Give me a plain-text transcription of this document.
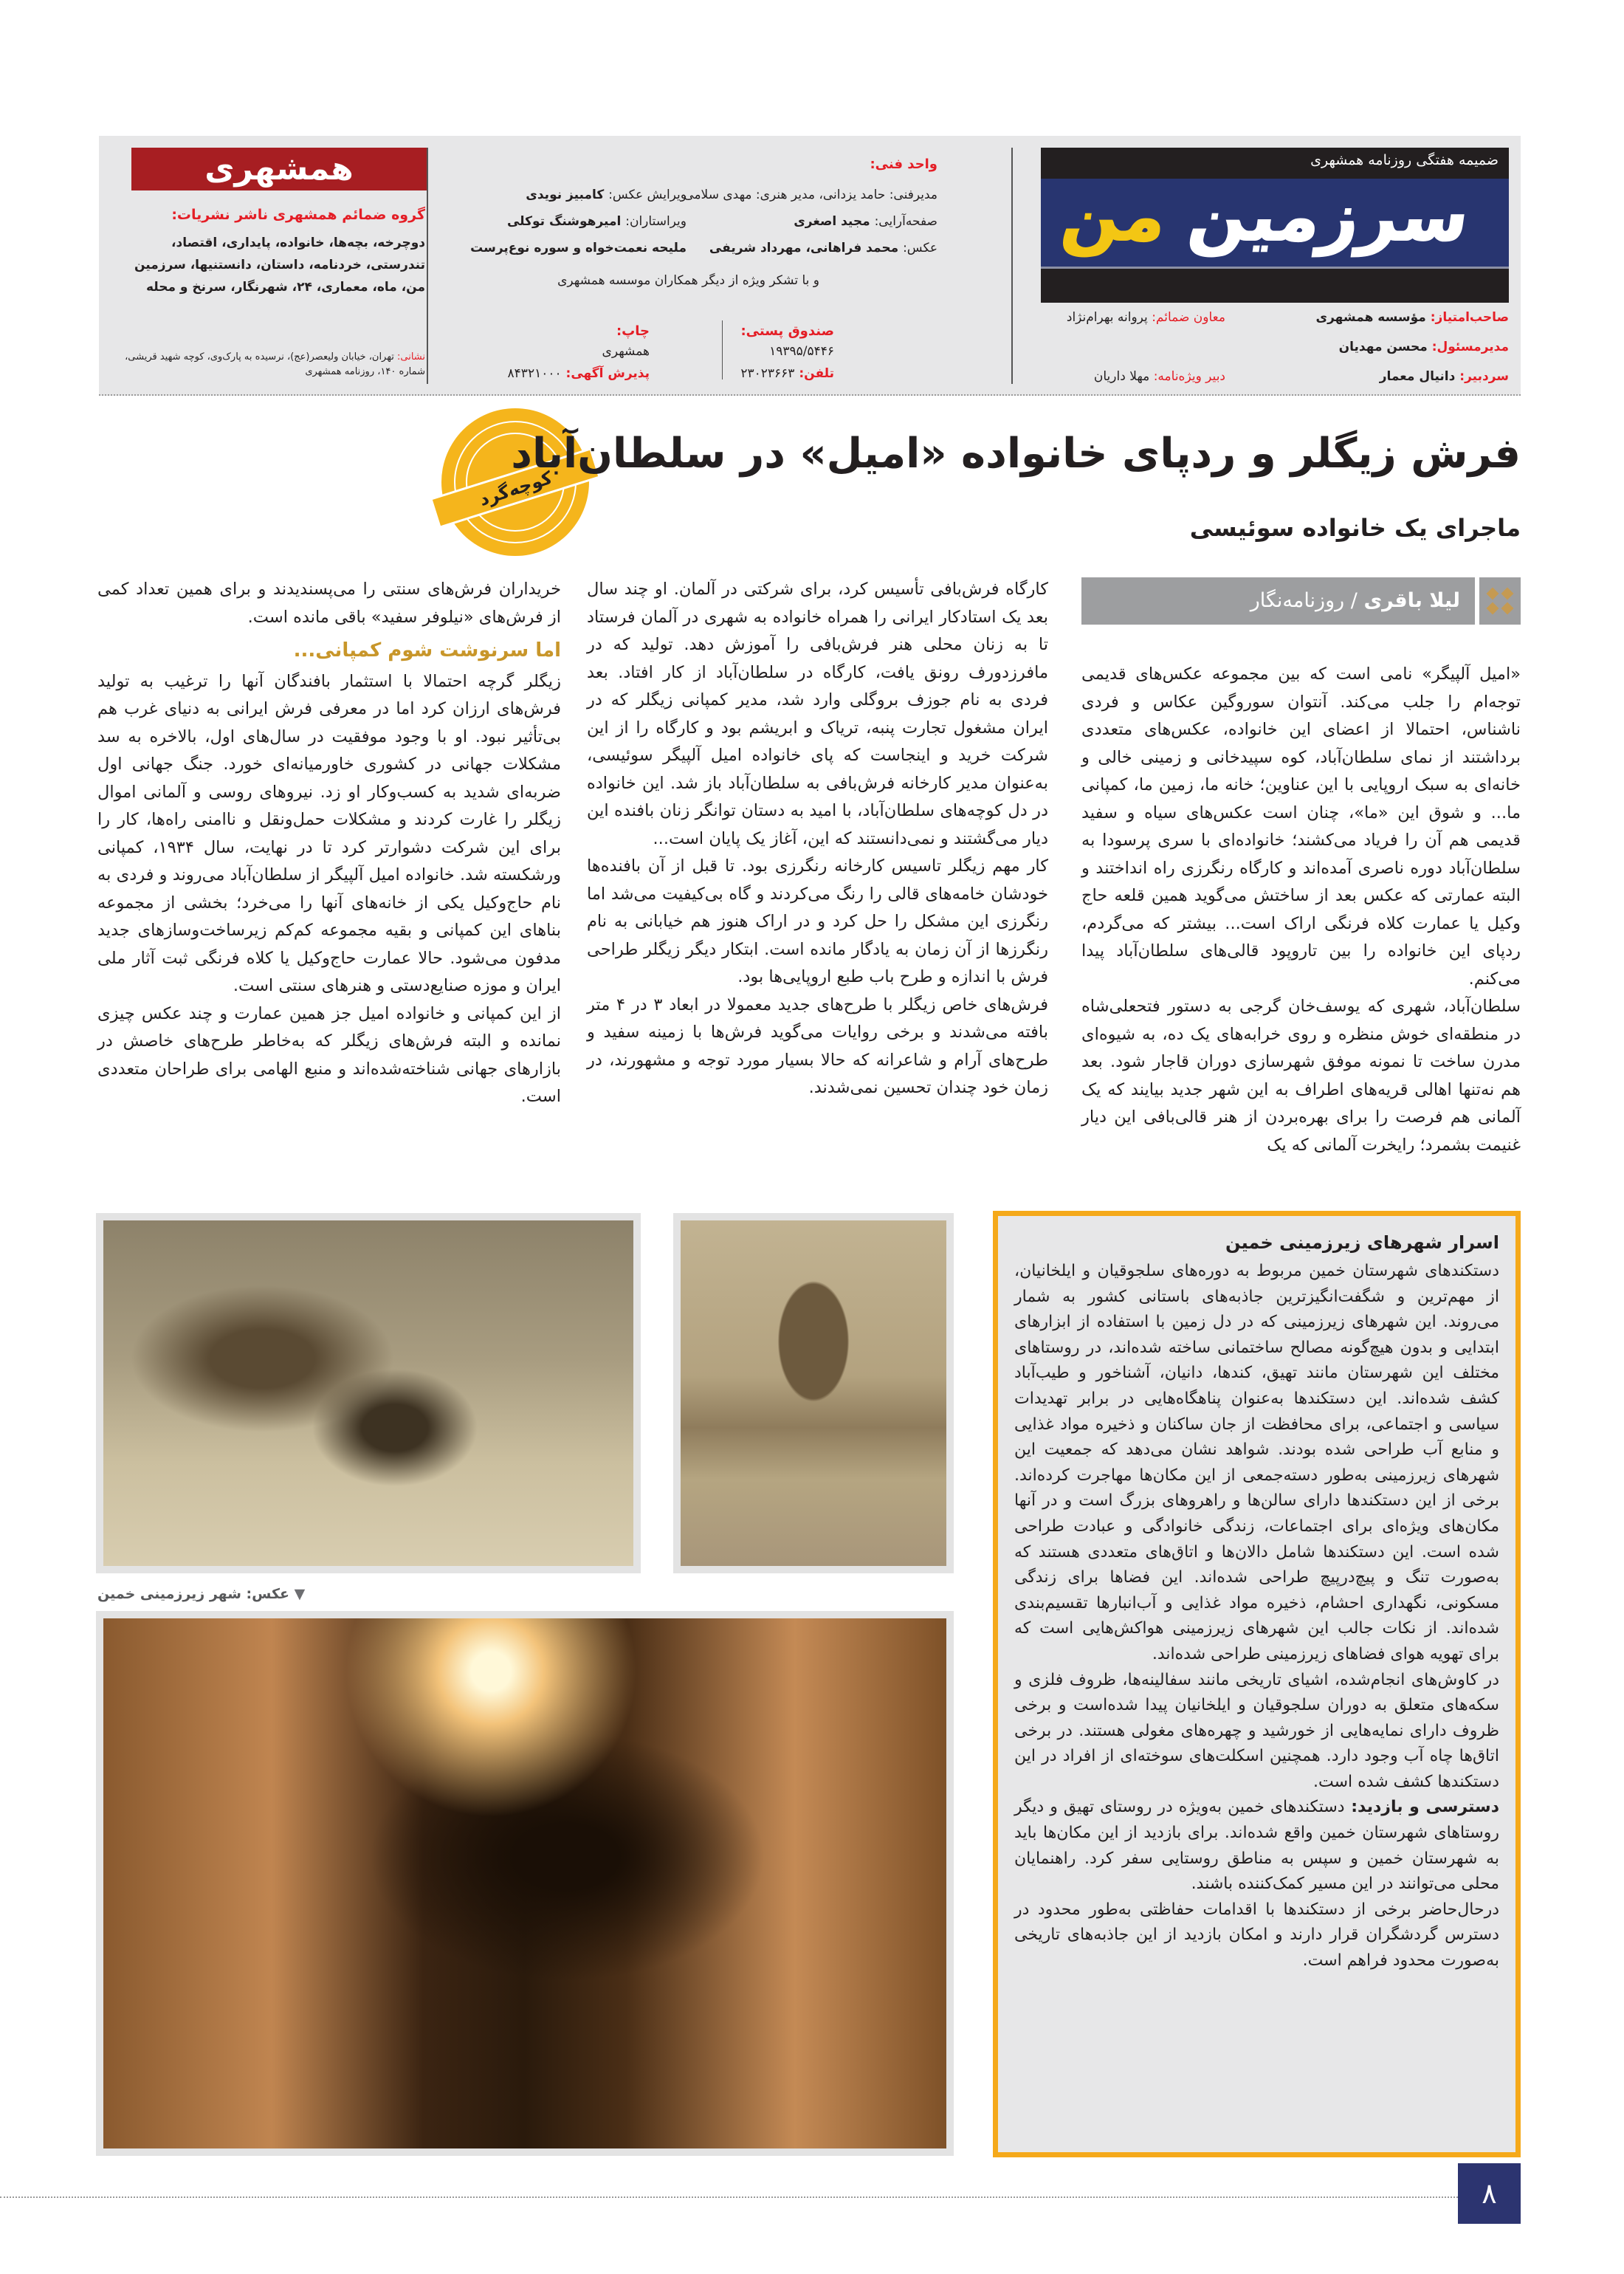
ضمیمه هفتگی روزنامه همشهری
سرزمین من
صاحب‌امتیاز: مؤسسه همشهری
معاون ضمائم: پروانه بهرام‌نژاد
مدیرمسئول: محسن مهدیان
سردبیر: دانیال معمار
دبیر ویژه‌نامه: مهلا داریان
واحد فنی:
مدیرفنی: حامد یزدانی، مدیر هنری: مهدی سلامی
صفحه‌آرایی: مجید اصغری
عکس: محمد فراهانی، مهرداد شریفی
ویرایش عکس: کامبیز نویدی
ویراستاران: امیرهوشنگ توکلی
ملیحه نعمت‌خواه و سوره نوع‌پرست
و با تشکر ویژه از دیگر همکاران موسسه همشهری
صندوق پستی:
۱۹۳۹۵/۵۴۴۶
تلفن: ۲۳۰۲۳۶۶۳
چاپ:
همشهری
پذیرش آگهی: ۸۴۳۲۱۰۰۰
همشهری
گروه ضمائم همشهری ناشر نشریات:
دوچرخه، بچه‌ها، خانواده، پایداری، اقتصاد، تندرستی، خردنامه، داستان، دانستنیها، سرزمین من، ماه، معماری، ۲۴، شهرنگار، سرنخ و محله
نشانی: تهران، خیابان ولیعصر(عج)، نرسیده به پارک‌وی، کوچه شهید قریشی، شماره ۱۴۰، روزنامه همشهری
کوچه‌گرد
فرش زیگلر و ردپای خانواده «امیل» در سلطان‌آباد
ماجرای یک خانواده سوئیسی
لیلا باقری / روزنامه‌نگار

«امیل آلپیگر» نامی است که بین مجموعه عکس‌های قدیمی توجه‌ام را جلب می‌کند. آنتوان سوروگین عکاس و فردی ناشناس، احتمالا از اعضای این خانواده، عکس‌های متعددی برداشتند از نمای سلطان‌آباد، کوه سپیدخانی و زمینی خالی و خانه‌ای به سبک اروپایی با این عناوین؛ خانه ما، زمین ما، کمپانی ما... و شوق این «ما»، چنان است عکس‌های سیاه و سفید قدیمی هم آن را فریاد می‌کشند؛ خانواده‌ای با سری پرسودا به سلطان‌آباد دوره ناصری آمده‌اند و کارگاه رنگرزی راه انداختند و البته عمارتی که عکس بعد از ساختش می‌گوید همین قلعه حاج وکیل یا عمارت کلاه فرنگی اراک است... بیشتر که می‌گردم، ردپای این خانواده را بین تاروپود قالی‌های سلطان‌آباد پیدا می‌کنم.

سلطان‌آباد، شهری که یوسف‌خان گرجی به دستور فتحعلی‌شاه در منطقه‌ای خوش منظره و روی خرابه‌های یک ده، به شیوه‌ای مدرن ساخت تا نمونه موفق شهرسازی دوران قاجار شود. بعد هم نه‌تنها اهالی قریه‌های اطراف به این شهر جدید بیایند که یک آلمانی هم فرصت را برای بهره‌بردن از هنر قالی‌بافی این دیار غنیمت بشمرد؛ رایخرت آلمانی که یک

کارگاه فرش‌بافی تأسیس کرد، برای شرکتی در آلمان. او چند سال بعد یک استادکار ایرانی را همراه خانواده به شهری در آلمان فرستاد تا به زنان محلی هنر فرش‌بافی را آموزش دهد. تولید که در مافرزدورف رونق یافت، کارگاه در سلطان‌آباد از کار افتاد. بعد فردی به نام جوزف بروگلی وارد شد، مدیر کمپانی زیگلر که در ایران مشغول تجارت پنبه، تریاک و ابریشم بود و کارگاه را از این شرکت خرید و اینجاست که پای خانواده امیل آلپیگر سوئیسی، به‌عنوان مدیر کارخانه فرش‌بافی به سلطان‌آباد باز شد. این خانواده در دل کوچه‌های سلطان‌آباد، با امید به دستان توانگر زنان بافنده این دیار می‌گشتند و نمی‌دانستند که این، آغاز یک پایان است...

کار مهم زیگلر تاسیس کارخانه رنگرزی بود. تا قبل از آن بافنده‌ها خودشان خامه‌های قالی را رنگ می‌کردند و گاه بی‌کیفیت می‌شد اما رنگرزی این مشکل را حل کرد و در اراک هنوز هم خیابانی به نام رنگرزها از آن زمان به یادگار مانده است. ابتکار دیگر زیگلر طراحی فرش با اندازه و طرح باب طبع اروپایی‌ها بود.

فرش‌های خاص زیگلر با طرح‌های جدید معمولا در ابعاد ۳ در ۴ متر بافته می‌شدند و برخی روایات می‌گوید فرش‌ها با زمینه سفید و طرح‌های آرام و شاعرانه که حالا بسیار مورد توجه و مشهورند، در زمان خود چندان تحسین نمی‌شدند.

خریداران فرش‌های سنتی را می‌پسندیدند و برای همین تعداد کمی از فرش‌های «نیلوفر سفید» باقی مانده است.

اما سرنوشت شوم کمپانی...

زیگلر گرچه احتمالا با استثمار بافندگان آنها را ترغیب به تولید فرش‌های ارزان کرد اما در معرفی فرش ایرانی به دنیای غرب هم بی‌تأثیر نبود. او با وجود موفقیت در سال‌های اول، بالاخره به سد مشکلات جهانی در کشوری خاورمیانه‌ای خورد. جنگ جهانی اول ضربه‌ای شدید به کسب‌وکار او زد. نیروهای روسی و آلمانی اموال زیگلر را غارت کردند و مشکلات حمل‌ونقل و ناامنی راه‌ها، کار را برای این شرکت دشوارتر کرد تا در نهایت، سال ۱۹۳۴، کمپانی ورشکسته شد. خانواده امیل آلپیگر از سلطان‌آباد می‌روند و فردی به نام حاج‌وکیل یکی از خانه‌های آنها را می‌خرد؛ بخشی از مجموعه بناهای این کمپانی و بقیه مجموعه کم‌کم زیرساخت‌وسازهای جدید مدفون می‌شود. حالا عمارت حاج‌وکیل یا کلاه فرنگی ثبت آثار ملی ایران و موزه صنایع‌دستی و هنرهای سنتی است.

از این کمپانی و خانواده امیل جز همین عمارت و چند عکس چیزی نمانده و البته فرش‌های زیگلر که به‌خاطر طرح‌های خاصش در بازارهای جهانی شناخته‌شده‌اند و منبع الهامی برای طراحان متعددی است.

اسرار شهرهای زیرزمینی خمین

دستکندهای شهرستان خمین مربوط به دوره‌های سلجوقیان و ایلخانیان، از مهم‌ترین و شگفت‌انگیزترین جاذبه‌های باستانی کشور به شمار می‌روند. این شهرهای زیرزمینی که در دل زمین با استفاده از ابزارهای ابتدایی و بدون هیچ‌گونه مصالح ساختمانی ساخته شده‌اند، در روستاهای مختلف این شهرستان مانند تهیق، کندها، دانیان، آشناخور و طیب‌آباد کشف شده‌اند. این دستکندها به‌عنوان پناهگاه‌هایی در برابر تهدیدات سیاسی و اجتماعی، برای محافظت از جان ساکنان و ذخیره مواد غذایی و منابع آب طراحی شده بودند. شواهد نشان می‌دهد که جمعیت این شهرهای زیرزمینی به‌طور دسته‌جمعی از این مکان‌ها مهاجرت کرده‌اند. برخی از این دستکندها دارای سالن‌ها و راهروهای بزرگ است و در آنها مکان‌های ویژه‌ای برای اجتماعات، زندگی خانوادگی و عبادت طراحی شده است. این دستکندها شامل دالان‌ها و اتاق‌های متعددی هستند که به‌صورت تنگ و پیچ‌درپیچ طراحی شده‌اند. این فضاها برای زندگی مسکونی، نگهداری احشام، ذخیره مواد غذایی و آب‌انبارها تقسیم‌بندی شده‌اند. از نکات جالب این شهرهای زیرزمینی هواکش‌هایی است که برای تهویه هوای فضاهای زیرزمینی طراحی شده‌اند.

در کاوش‌های انجام‌شده، اشیای تاریخی مانند سفالینه‌ها، ظروف فلزی و سکه‌های متعلق به دوران سلجوقیان و ایلخانیان پیدا شده‌است و برخی ظروف دارای نمایه‌هایی از خورشید و چهره‌های مغولی هستند. در برخی اتاق‌ها چاه آب وجود دارد. همچنین اسکلت‌های سوخته‌ای از افراد در این دستکندها کشف شده است.

دسترسی و بازدید: دستکندهای خمین به‌ویژه در روستای تهیق و دیگر روستاهای شهرستان خمین واقع شده‌اند. برای بازدید از این مکان‌ها باید به شهرستان خمین و سپس به مناطق روستایی سفر کرد. راهنمایان محلی می‌توانند در این مسیر کمک‌کننده باشند.

درحال‌حاضر برخی از دستکندها با اقدامات حفاظتی به‌طور محدود در دسترس گردشگران قرار دارند و امکان بازدید از این جاذبه‌های تاریخی به‌صورت محدود فراهم است.

▼ عکس: شهر زیرزمینی خمین
۸
